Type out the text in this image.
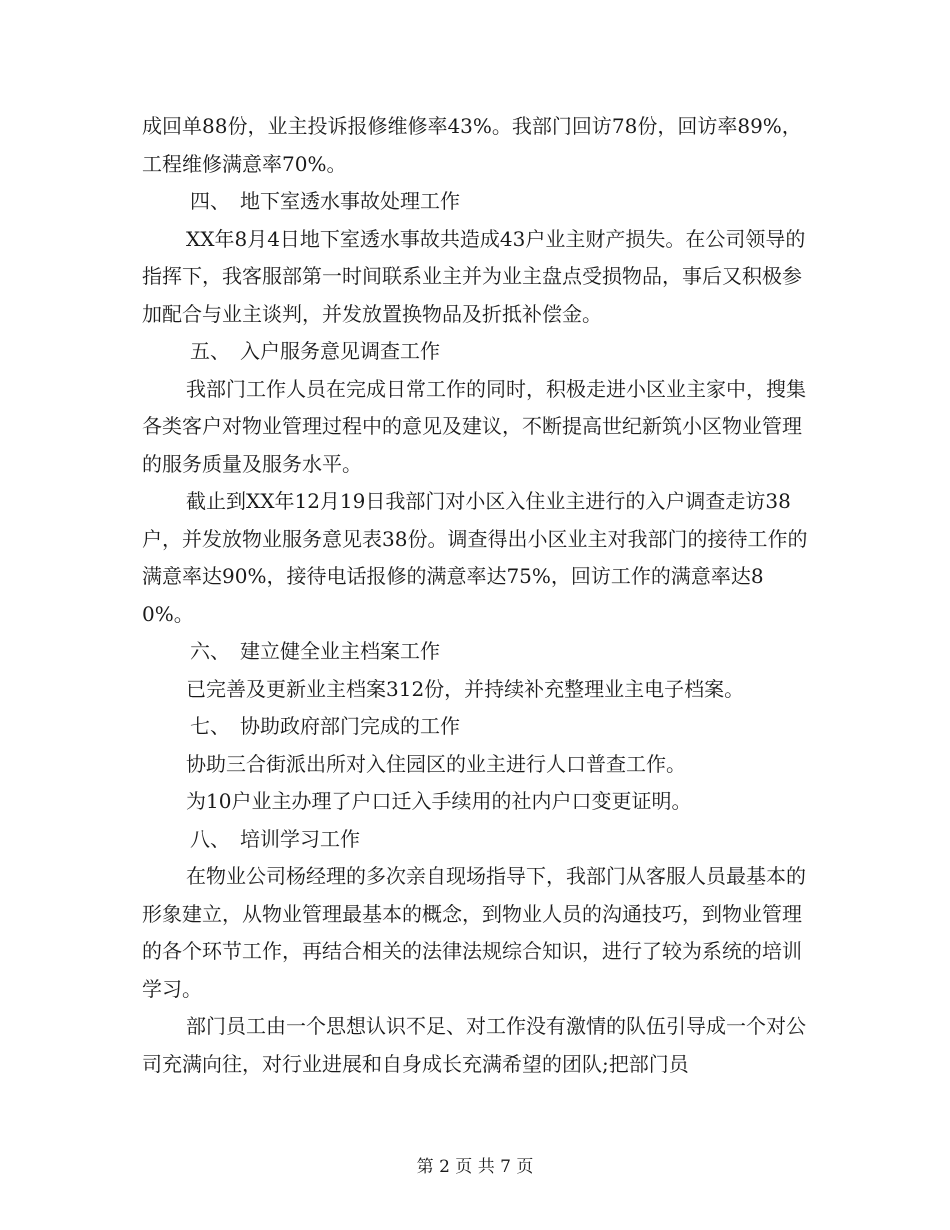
成回单88份，业主投诉报修维修率43%。我部门回访78份，回访率89%，工程维修满意率70%。

四、 地下室透水事故处理工作

XX年8月4日地下室透水事故共造成43户业主财产损失。在公司领导的指挥下，我客服部第一时间联系业主并为业主盘点受损物品，事后又积极参加配合与业主谈判，并发放置换物品及折抵补偿金。

五、 入户服务意见调查工作

我部门工作人员在完成日常工作的同时，积极走进小区业主家中，搜集各类客户对物业管理过程中的意见及建议，不断提高世纪新筑小区物业管理的服务质量及服务水平。

截止到XX年12月19日我部门对小区入住业主进行的入户调查走访38户，并发放物业服务意见表38份。调查得出小区业主对我部门的接待工作的满意率达90%，接待电话报修的满意率达75%，回访工作的满意率达80%。

六、 建立健全业主档案工作

已完善及更新业主档案312份，并持续补充整理业主电子档案。

七、 协助政府部门完成的工作

协助三合街派出所对入住园区的业主进行人口普查工作。

为10户业主办理了户口迁入手续用的社内户口变更证明。

八、 培训学习工作

在物业公司杨经理的多次亲自现场指导下，我部门从客服人员最基本的形象建立，从物业管理最基本的概念，到物业人员的沟通技巧，到物业管理的各个环节工作，再结合相关的法律法规综合知识，进行了较为系统的培训学习。

部门员工由一个思想认识不足、对工作没有激情的队伍引导成一个对公司充满向往，对行业进展和自身成长充满希望的团队;把部门员

第 2 页 共 7 页
